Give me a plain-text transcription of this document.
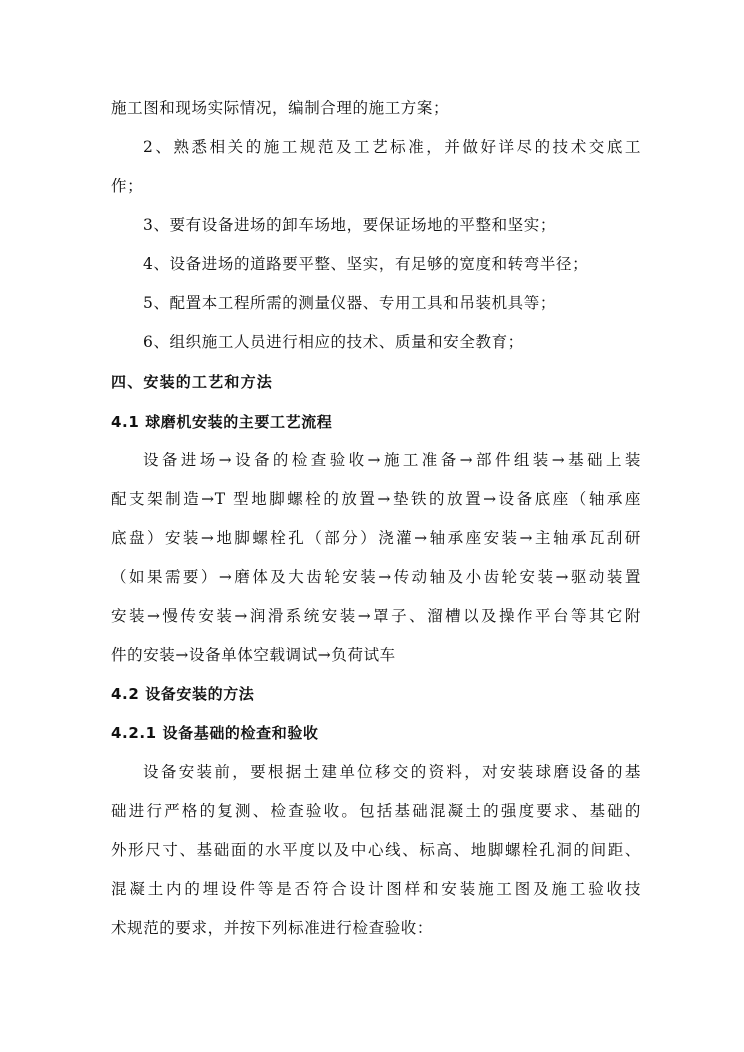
施工图和现场实际情况，编制合理的施工方案；
2、熟悉相关的施工规范及工艺标准，并做好详尽的技术交底工
作；
3、要有设备进场的卸车场地，要保证场地的平整和坚实；
4、设备进场的道路要平整、坚实，有足够的宽度和转弯半径；
5、配置本工程所需的测量仪器、专用工具和吊装机具等；
6、组织施工人员进行相应的技术、质量和安全教育；
四、安装的工艺和方法
4.1 球磨机安装的主要工艺流程
设备进场→设备的检查验收→施工准备→部件组装→基础上装
配支架制造→T 型地脚螺栓的放置→垫铁的放置→设备底座（轴承座
底盘）安装→地脚螺栓孔（部分）浇灌→轴承座安装→主轴承瓦刮研
（如果需要）→磨体及大齿轮安装→传动轴及小齿轮安装→驱动装置
安装→慢传安装→润滑系统安装→罩子、溜槽以及操作平台等其它附
件的安装→设备单体空载调试→负荷试车
4.2 设备安装的方法
4.2.1 设备基础的检查和验收
设备安装前，要根据土建单位移交的资料，对安装球磨设备的基
础进行严格的复测、检查验收。包括基础混凝土的强度要求、基础的
外形尺寸、基础面的水平度以及中心线、标高、地脚螺栓孔洞的间距、
混凝土内的埋设件等是否符合设计图样和安装施工图及施工验收技
术规范的要求，并按下列标准进行检查验收：
